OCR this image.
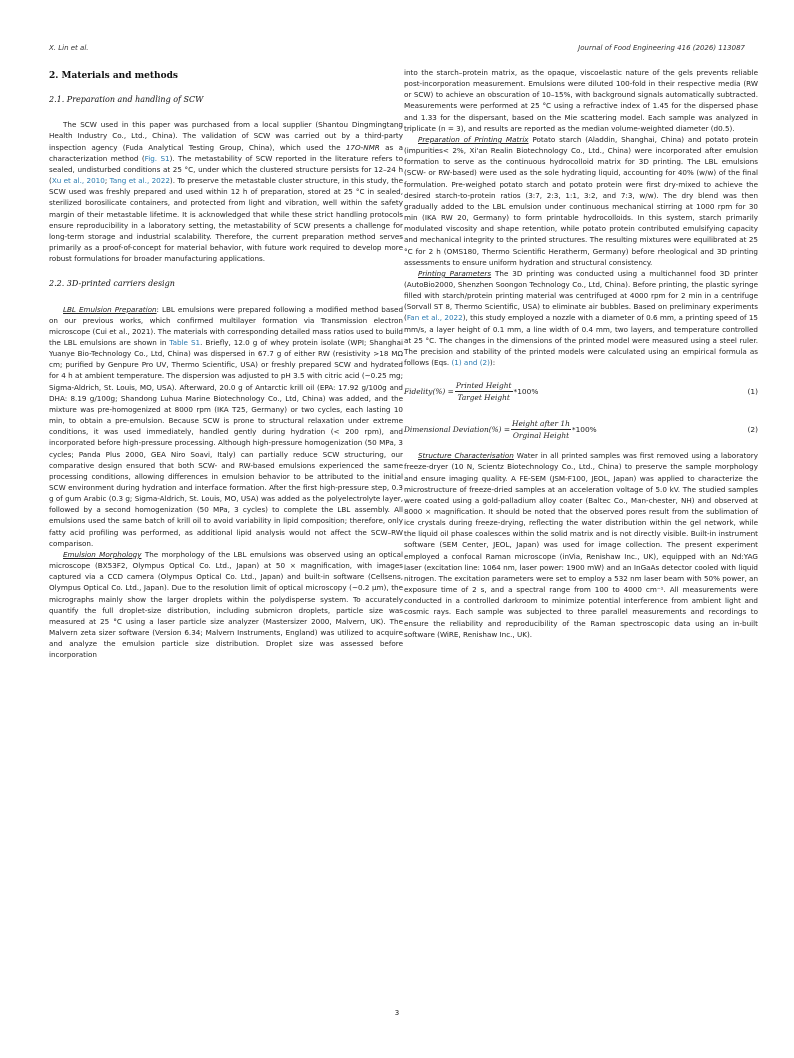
X. Lin et al.	Journal of Food Engineering 416 (2026) 113087
2. Materials and methods
2.1. Preparation and handling of SCW

The SCW used in this paper was purchased from a local supplier (Shantou Dingmingtang Health Industry Co., Ltd., China). The validation of SCW was carried out by a third-party inspection agency (Fuda Analytical Testing Group, China), which used the 17O-NMR as a characterization method (Fig. S1). The metastability of SCW reported in the literature refers to sealed, undisturbed conditions at 25 °C, under which the clustered structure persists for 12–24 h (Xu et al., 2010; Tang et al., 2022). To preserve the metastable cluster structure, in this study, the SCW used was freshly prepared and used within 12 h of preparation, stored at 25 °C in sealed, sterilized borosilicate containers, and protected from light and vibration, well within the safety margin of their metastable lifetime. It is acknowledged that while these strict handling protocols ensure reproducibility in a laboratory setting, the metastability of SCW presents a challenge for long-term storage and industrial scalability. Therefore, the current preparation method serves primarily as a proof-of-concept for material behavior, with future work required to develop more robust formulations for broader manufacturing applications.

2.2. 3D-printed carriers design

LBL Emulsion Preparation: LBL emulsions were prepared following a modified method based on our previous works, which confirmed multilayer formation via Transmission electron microscope (Cui et al., 2021). The materials with corresponding detailed mass ratios used to build the LBL emulsions are shown in Table S1. Briefly, 12.0 g of whey protein isolate (WPI; Shanghai Yuanye Bio-Technology Co., Ltd, China) was dispersed in 67.7 g of either RW (resistivity >18 MΩ cm; purified by Genpure Pro UV, Thermo Scientific, USA) or freshly prepared SCW and hydrated for 4 h at ambient temperature. The dispersion was adjusted to pH 3.5 with citric acid (~0.25 mg; Sigma-Aldrich, St. Louis, MO, USA). Afterward, 20.0 g of Antarctic krill oil (EPA: 17.92 g/100g and DHA: 8.19 g/100g; Shandong Luhua Marine Biotechnology Co., Ltd, China) was added, and the mixture was pre-homogenized at 8000 rpm (IKA T25, Germany) or two cycles, each lasting 10 min, to obtain a pre-emulsion. Because SCW is prone to structural relaxation under extreme conditions, it was used immediately, handled gently during hydration (< 200 rpm), and incorporated before high-pressure processing. Although high-pressure homogenization (50 MPa, 3 cycles; Panda Plus 2000, GEA Niro Soavi, Italy) can partially reduce SCW structuring, our comparative design ensured that both SCW- and RW-based emulsions experienced the same processing conditions, allowing differences in emulsion behavior to be attributed to the initial SCW environment during hydration and interface formation. After the first high-pressure step, 0.3 g of gum Arabic (0.3 g; Sigma-Aldrich, St. Louis, MO, USA) was added as the polyelectrolyte layer, followed by a second homogenization (50 MPa, 3 cycles) to complete the LBL assembly. All emulsions used the same batch of krill oil to avoid variability in lipid composition; therefore, only fatty acid profiling was performed, as additional lipid analysis would not affect the SCW–RW comparison.

Emulsion Morphology The morphology of the LBL emulsions was observed using an optical microscope (BX53F2, Olympus Optical Co. Ltd., Japan) at 50 × magnification, with images captured via a CCD camera (Olympus Optical Co. Ltd., Japan) and built-in software (Cellsens, Olympus Optical Co. Ltd., Japan). Due to the resolution limit of optical microscopy (~0.2 μm), the micrographs mainly show the larger droplets within the polydisperse system. To accurately quantify the full droplet-size distribution, including submicron droplets, particle size was measured at 25 °C using a laser particle size analyzer (Mastersizer 2000, Malvern, UK). The Malvern zeta sizer software (Version 6.34; Malvern Instruments, England) was utilized to acquire and analyze the emulsion particle size distribution. Droplet size was assessed before incorporation

into the starch–protein matrix, as the opaque, viscoelastic nature of the gels prevents reliable post-incorporation measurement. Emulsions were diluted 100-fold in their respective media (RW or SCW) to achieve an obscuration of 10–15%, with background signals automatically subtracted. Measurements were performed at 25 °C using a refractive index of 1.45 for the dispersed phase and 1.33 for the dispersant, based on the Mie scattering model. Each sample was analyzed in triplicate (n = 3), and results are reported as the median volume-weighted diameter (d0.5).

Preparation of Printing Matrix Potato starch (Aladdin, Shanghai, China) and potato protein (impurities< 2%, Xi'an Realin Biotechnology Co., Ltd., China) were incorporated after emulsion formation to serve as the continuous hydrocolloid matrix for 3D printing. The LBL emulsions (SCW- or RW-based) were used as the sole hydrating liquid, accounting for 40% (w/w) of the final formulation. Pre-weighed potato starch and potato protein were first dry-mixed to achieve the desired starch-to-protein ratios (3:7, 2:3, 1:1, 3:2, and 7:3, w/w). The dry blend was then gradually added to the LBL emulsion under continuous mechanical stirring at 1000 rpm for 30 min (IKA RW 20, Germany) to form printable hydrocolloids. In this system, starch primarily modulated viscosity and shape retention, while potato protein contributed emulsifying capacity and mechanical integrity to the printed structures. The resulting mixtures were equilibrated at 25 °C for 2 h (OMS180, Thermo Scientific Heratherm, Germany) before rheological and 3D printing assessments to ensure uniform hydration and structural consistency.

Printing Parameters The 3D printing was conducted using a multichannel food 3D printer (AutoBio2000, Shenzhen Soongon Technology Co., Ltd, China). Before printing, the plastic syringe filled with starch/protein printing material was centrifuged at 4000 rpm for 2 min in a centrifuge (Sorvall ST 8, Thermo Scientific, USA) to eliminate air bubbles. Based on preliminary experiments (Fan et al., 2022), this study employed a nozzle with a diameter of 0.6 mm, a printing speed of 15 mm/s, a layer height of 0.1 mm, a line width of 0.4 mm, two layers, and temperature controlled at 25 °C. The changes in the dimensions of the printed model were measured using a steel ruler. The precision and stability of the printed models were calculated using an empirical formula as follows (Eqs. (1) and (2)):

Fidelity(%) = $\frac{\text{Printed Height}}{\text{Target Height}} *100\%$	(1)
Dimensional Deviation(%) = $\frac{\text{Height after 1h}}{\text{Orginal Height}} *100\%$	(2)

Structure Characterisation Water in all printed samples was first removed using a laboratory freeze-dryer (10 N, Scientz Biotechnology Co., Ltd., China) to preserve the sample morphology and ensure imaging quality. A FE-SEM (JSM-F100, JEOL, Japan) was applied to characterize the microstructure of freeze-dried samples at an acceleration voltage of 5.0 kV. The studied samples were coated using a gold-palladium alloy coater (Baltec Co., Man-chester, NH) and observed at 8000 × magnification. It should be noted that the observed pores result from the sublimation of ice crystals during freeze-drying, reflecting the water distribution within the gel network, while the liquid oil phase coalesces within the solid matrix and is not directly visible. Built-in instrument software (SEM Center, JEOL, Japan) was used for image collection. The present experiment employed a confocal Raman microscope (inVia, Renishaw Inc., UK), equipped with an Nd:YAG laser (excitation line: 1064 nm, laser power: 1900 mW) and an InGaAs detector cooled with liquid nitrogen. The excitation parameters were set to employ a 532 nm laser beam with 50% power, an exposure time of 2 s, and a spectral range from 100 to 4000 cm⁻¹. All measurements were conducted in a controlled darkroom to minimize potential interference from ambient light and cosmic rays. Each sample was subjected to three parallel measurements and recordings to ensure the reliability and reproducibility of the Raman spectroscopic data using an in-built software (WiRE, Renishaw Inc., UK).

3
